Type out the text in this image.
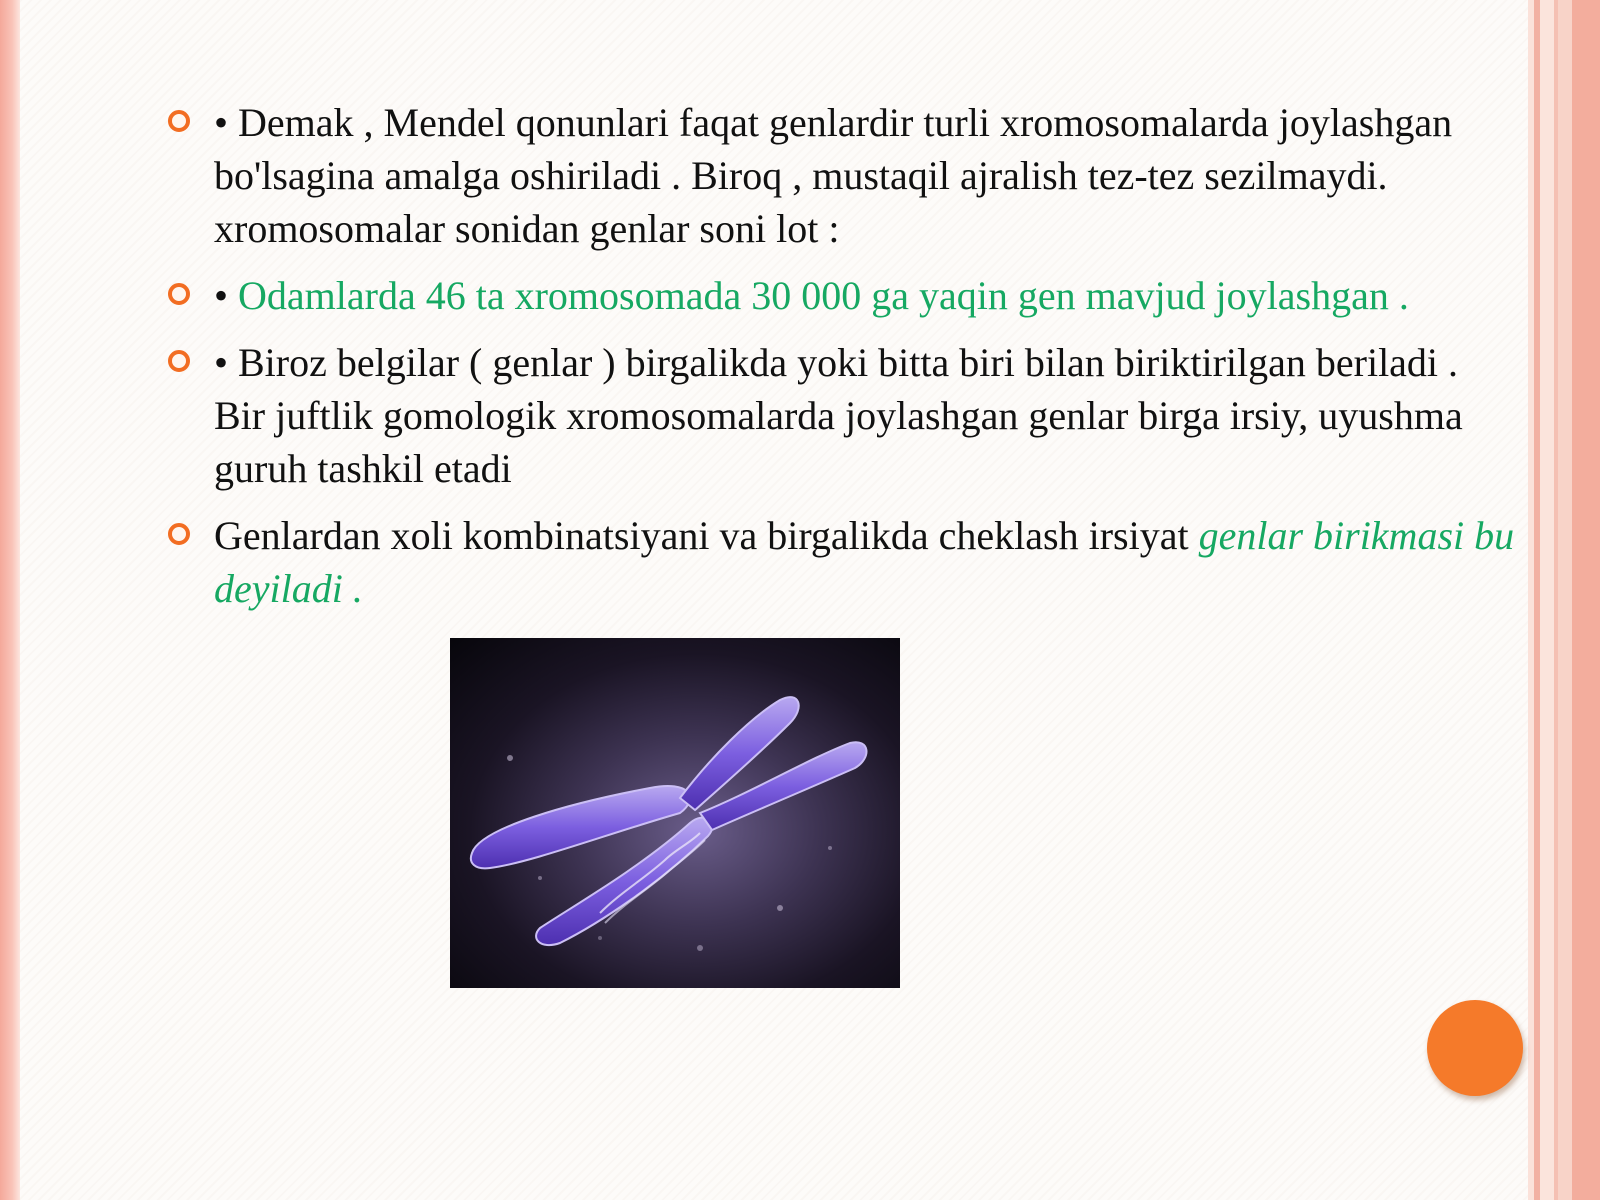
• Demak , Mendel qonunlari faqat genlardir turli xromosomalarda joylashgan bo'lsagina amalga oshiriladi . Biroq , mustaqil ajralish tez-tez sezilmaydi. xromosomalar sonidan genlar soni lot :
• Odamlarda 46 ta xromosomada 30 000 ga yaqin gen mavjud joylashgan .
• Biroz belgilar ( genlar ) birgalikda yoki bitta biri bilan biriktirilgan beriladi . Bir juftlik gomologik xromosomalarda joylashgan genlar birga irsiy, uyushma guruh tashkil etadi
Genlardan xoli kombinatsiyani va birgalikda cheklash irsiyat genlar birikmasi bu deyiladi .
